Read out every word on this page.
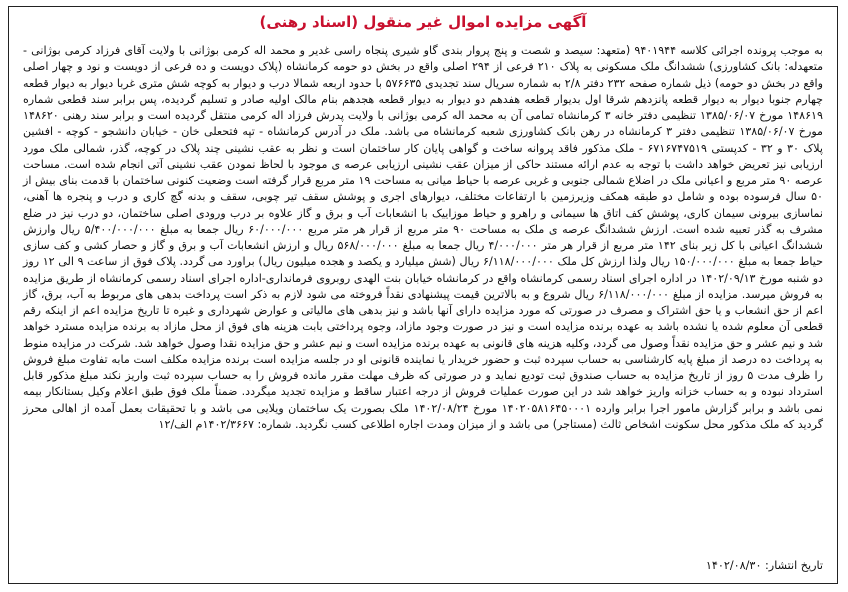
آگهی مزایده اموال غیر منقول (اسناد رهنی)

به موجب پرونده اجرائی کلاسه ۹۴۰۱۹۴۴ (متعهد: سیصد و شصت و پنج پروار بندی گاو شیری پنجاه راسی غدیر و محمد اله کرمی بوژانی با ولایت آقای فرزاد کرمی بوژانی - متعهدله: بانک کشاورزی) ششدانگ ملک مسکونی به پلاک ۲۱۰ فرعی از ۲۹۴ اصلی واقع در بخش دو حومه کرمانشاه (پلاک دویست و ده فرعی از دویست و نود و چهار اصلی واقع در بخش دو حومه) ذیل شماره صفحه ۲۳۲ دفتر ۲/۸ به شماره سریال سند تجدیدی ۵۷۶۶۳۵ با حدود اربعه شمالا درب و دیوار به کوچه شش متری غربا دیوار به دیوار قطعه چهارم جنوبا دیوار به دیوار قطعه پانزدهم شرقا اول بدیوار قطعه هفدهم دو دیوار به دیوار قطعه هجدهم بنام مالک اولیه صادر و تسلیم گردیده، پس برابر سند قطعی شماره ۱۴۸۶۱۹ مورخ ۱۳۸۵/۰۶/۰۷ تنظیمی دفتر خانه ۳ کرمانشاه تمامی آن به محمد اله کرمی بوژانی با ولایت پدرش فرزاد اله کرمی منتقل گردیده است و برابر سند رهنی ۱۴۸۶۲۰ مورخ ۱۳۸۵/۰۶/۰۷ تنظیمی دفتر ۳ کرمانشاه در رهن بانک کشاورزی شعبه کرمانشاه می باشد. ملک در آدرس کرمانشاه - تپه فتحعلی خان - خیابان دانشجو - کوچه - افشین پلاک ۳۰ و ۳۲ - کدپستی ۶۷۱۶۷۴۷۵۱۹ - ملک مذکور فاقد پروانه ساخت و گواهی پایان کار ساختمان است و نظر به عقب نشینی چند پلاک در کوچه، گذر، شمالی ملک مورد ارزیابی نیز تعریض خواهد داشت با توجه به عدم ارائه مستند حاکی از میزان عقب نشینی ارزیابی عرصه ی موجود با لحاظ نمودن عقب نشینی آتی انجام شده است. مساحت عرصه ۹۰ متر مربع و اعیانی ملک در اضلاع شمالی جنوبی و غربی عرصه با حیاط میانی به مساحت ۱۹ متر مربع قرار گرفته است وضعیت کنونی ساختمان با قدمت بنای بیش از ۵۰ سال فرسوده بوده و شامل دو طبقه همکف وزیرزمین با ارتفاعات مختلف، دیوارهای اجری و پوشش سقف تیر چوبی، سقف و بدنه گچ کاری و درب و پنجره ها آهنی، نماسازی بیرونی سیمان کاری، پوشش کف اتاق ها سیمانی و راهرو و حیاط موزاییک با انشعابات آب و برق و گاز علاوه بر درب ورودی اصلی ساختمان، دو درب نیز در ضلع مشرف به گذر تعبیه شده است. ارزش ششدانگ عرصه ی ملک به مساحت ۹۰ متر مربع از قرار هر متر مربع ۶۰/۰۰۰/۰۰۰ ریال جمعا به مبلغ ۵/۴۰۰/۰۰۰/۰۰۰ ریال وارزش ششدانگ اعیانی با کل زیر بنای ۱۴۲ متر مربع از قرار هر متر ۴/۰۰۰/۰۰۰ ریال جمعا به مبلغ ۵۶۸/۰۰۰/۰۰۰ ریال و ارزش انشعابات آب و برق و گاز و حصار کشی و کف سازی حیاط جمعا به مبلغ ۱۵۰/۰۰۰/۰۰۰ ریال ولذا ارزش کل ملک ۶/۱۱۸/۰۰۰/۰۰۰ ریال (شش میلیارد و یکصد و هجده میلیون ریال) براورد می گردد. پلاک فوق از ساعت ۹ الی ۱۲ روز دو شنبه مورخ ۱۴۰۲/۰۹/۱۳ در اداره اجرای اسناد رسمی کرمانشاه واقع در کرمانشاه خیابان بنت الهدی روبروی فرمانداری-اداره اجرای اسناد رسمی کرمانشاه از طریق مزایده به فروش میرسد. مزایده از مبلغ ۶/۱۱۸/۰۰۰/۰۰۰ ریال شروع و به بالاترین قیمت پیشنهادی نقداً فروخته می شود لازم به ذکر است پرداخت بدهی های مربوط به آب، برق، گاز اعم از حق انشعاب و یا حق اشتراک و مصرف در صورتی که مورد مزایده دارای آنها باشد و نیز بدهی های مالیاتی و عوارض شهرداری و غیره تا تاریخ مزایده اعم از اینکه رقم قطعی آن معلوم شده یا نشده باشد به عهده برنده مزایده است و نیز در صورت وجود مازاد، وجوه پرداختی بابت هزینه های فوق از محل مازاد به برنده مزایده مسترد خواهد شد و نیم عشر و حق مزایده نقداً وصول می گردد، وکلیه هزینه های قانونی به عهده برنده مزایده است و نیم عشر و حق مزایده نقدا وصول خواهد شد. شرکت در مزایده منوط به پرداخت ده درصد از مبلغ پایه کارشناسی به حساب سپرده ثبت و حضور خریدار یا نماینده قانونی او در جلسه مزایده است برنده مزایده مکلف است مابه تفاوت مبلغ فروش را ظرف مدت ۵ روز از تاریخ مزایده به حساب صندوق ثبت تودیع نماید و در صورتی که ظرف مهلت مقرر مانده فروش را به حساب سپرده ثبت واریز نکند مبلغ مذکور قابل استرداد نبوده و به حساب خزانه واریز خواهد شد در این صورت عملیات فروش از درجه اعتبار ساقط و مزایده تجدید میگردد. ضمناً ملک فوق طبق اعلام وکیل بستانکار بیمه نمی باشد و برابر گزارش مامور اجرا برابر وارده ۱۴۰۲۰۵۸۱۶۴۵۰۰۰۱ مورخ ۱۴۰۲/۰۸/۲۴ ملک بصورت یک ساختمان ویلایی می باشد و با تحقیقات بعمل آمده از اهالی محرز گردید که ملک مذکور محل سکونت اشخاص ثالث (مستاجر) می باشد و از میزان ومدت اجاره اطلاعی کسب نگردید. شماره: ۱۴۰۲/۳۶۶۷م الف/۱۲

تاریخ انتشار: ۱۴۰۲/۰۸/۳۰
